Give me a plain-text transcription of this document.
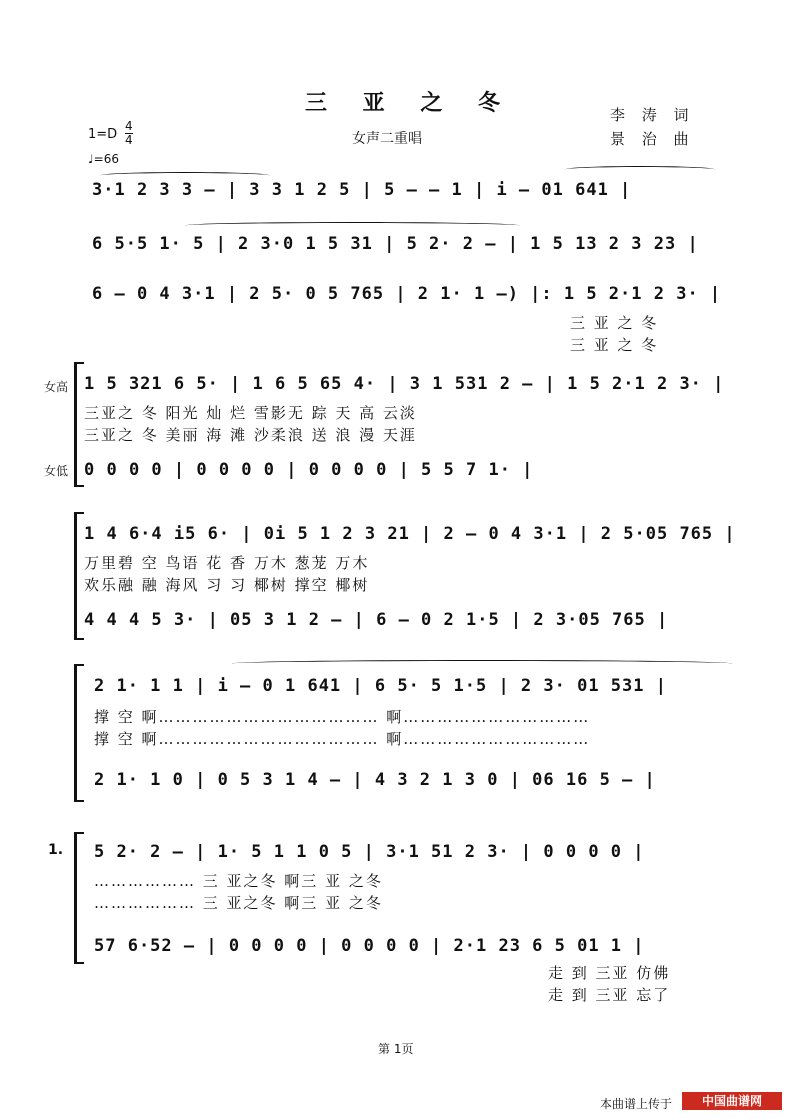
三 亚 之 冬
女声二重唱
李 涛 词
景 治 曲
1=D
4
4
♩=66
3·1 2 3 3 – | 3 3 1 2 5 | 5 – – 1 | i – 01 641 |
6 5·5 1· 5 | 2 3·0 1 5 31 | 5 2· 2 – | 1 5 13 2 3 23 |
6 – 0 4 3·1 | 2 5· 0 5 765 | 2 1· 1 –) |: 1 5 2·1 2 3· |
三 亚 之 冬
三 亚 之 冬
女高
女低
1 5 321 6 5· | 1 6 5 65 4· | 3 1 531 2 – | 1 5 2·1 2 3· |
三亚之 冬 阳光 灿 烂 雪影无 踪 天 高 云淡
三亚之 冬 美丽 海 滩 沙柔浪 送 浪 漫 天涯
0 0 0 0 | 0 0 0 0 | 0 0 0 0 | 5 5 7 1· |
1 4 6·4 i5 6· | 0i 5 1 2 3 21 | 2 – 0 4 3·1 | 2 5·05 765 |
万里碧 空 鸟语 花 香 万木 葱茏 万木
欢乐融 融 海风 习 习 椰树 撑空 椰树
4 4 4 5 3· | 05 3 1 2 – | 6 – 0 2 1·5 | 2 3·05 765 |
2 1· 1 1 | i – 0 1 641 | 6 5· 5 1·5 | 2 3· 01 531 |
撑 空 啊………………………………… 啊……………………………
撑 空 啊………………………………… 啊……………………………
2 1· 1 0 | 0 5 3 1 4 – | 4 3 2 1 3 0 | 06 16 5 – |
1. 5 2· 2 – | 1· 5 1 1 0 5 | 3·1 51 2 3· | 0 0 0 0 |
……………… 三 亚之冬 啊三 亚 之冬
……………… 三 亚之冬 啊三 亚 之冬
57 6·52 – | 0 0 0 0 | 0 0 0 0 | 2·1 23 6 5 01 1 |
走 到 三亚 仿佛
走 到 三亚 忘了
第 1页
本曲谱上传于	中国曲谱网
